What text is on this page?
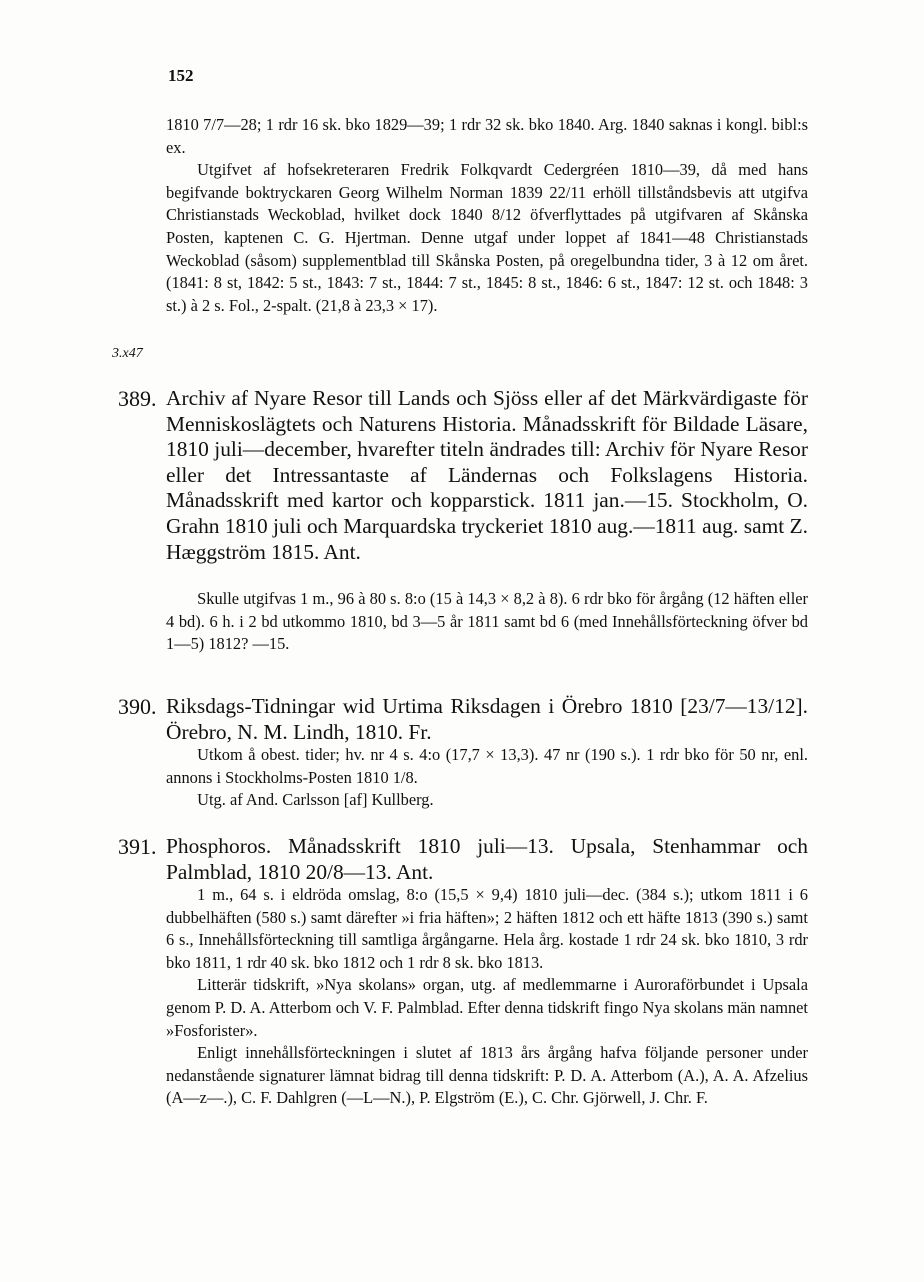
152
3.x47

1810 7/7—28; 1 rdr 16 sk. bko 1829—39; 1 rdr 32 sk. bko 1840. Arg. 1840 saknas i kongl. bibl:s ex.

Utgifvet af hofsekreteraren Fredrik Folkqvardt Cedergréen 1810—39, då med hans begifvande boktryckaren Georg Wilhelm Norman 1839 22/11 erhöll tillståndsbevis att utgifva Christianstads Weckoblad, hvilket dock 1840 8/12 öfverflyttades på utgifvaren af Skånska Posten, kaptenen C. G. Hjertman. Denne utgaf under loppet af 1841—48 Christianstads Weckoblad (såsom) supplementblad till Skånska Posten, på oregelbundna tider, 3 à 12 om året. (1841: 8 st, 1842: 5 st., 1843: 7 st., 1844: 7 st., 1845: 8 st., 1846: 6 st., 1847: 12 st. och 1848: 3 st.) à 2 s. Fol., 2-spalt. (21,8 à 23,3 × 17).

389. Archiv af Nyare Resor till Lands och Sjöss eller af det Märkvärdigaste för Menniskoslägtets och Naturens Historia. Månadsskrift för Bildade Läsare, 1810 juli—december, hvarefter titeln ändrades till: Archiv för Nyare Resor eller det Intressantaste af Ländernas och Folkslagens Historia. Månadsskrift med kartor och kopparstick. 1811 jan.—15. Stockholm, O. Grahn 1810 juli och Marquardska tryckeriet 1810 aug.—1811 aug. samt Z. Hæggström 1815. Ant.

Skulle utgifvas 1 m., 96 à 80 s. 8:o (15 à 14,3 × 8,2 à 8). 6 rdr bko för årgång (12 häften eller 4 bd). 6 h. i 2 bd utkommo 1810, bd 3—5 år 1811 samt bd 6 (med Innehållsförteckning öfver bd 1—5) 1812? —15.

390. Riksdags-Tidningar wid Urtima Riksdagen i Örebro 1810 [23/7—13/12]. Örebro, N. M. Lindh, 1810. Fr.

Utkom å obest. tider; hv. nr 4 s. 4:o (17,7 × 13,3). 47 nr (190 s.). 1 rdr bko för 50 nr, enl. annons i Stockholms-Posten 1810 1/8.

Utg. af And. Carlsson [af] Kullberg.

391. Phosphoros. Månadsskrift 1810 juli—13. Upsala, Stenhammar och Palmblad, 1810 20/8—13. Ant.

1 m., 64 s. i eldröda omslag, 8:o (15,5 × 9,4) 1810 juli—dec. (384 s.); utkom 1811 i 6 dubbelhäften (580 s.) samt därefter »i fria häften»; 2 häften 1812 och ett häfte 1813 (390 s.) samt 6 s., Innehållsförteckning till samtliga årgångarne. Hela årg. kostade 1 rdr 24 sk. bko 1810, 3 rdr bko 1811, 1 rdr 40 sk. bko 1812 och 1 rdr 8 sk. bko 1813.

Litterär tidskrift, »Nya skolans» organ, utg. af medlemmarne i Auroraförbundet i Upsala genom P. D. A. Atterbom och V. F. Palmblad. Efter denna tidskrift fingo Nya skolans män namnet »Fosforister».

Enligt innehållsförteckningen i slutet af 1813 års årgång hafva följande personer under nedanstående signaturer lämnat bidrag till denna tidskrift: P. D. A. Atterbom (A.), A. A. Afzelius (A—z—.), C. F. Dahlgren (—L—N.), P. Elgström (E.), C. Chr. Gjörwell, J. Chr. F.
